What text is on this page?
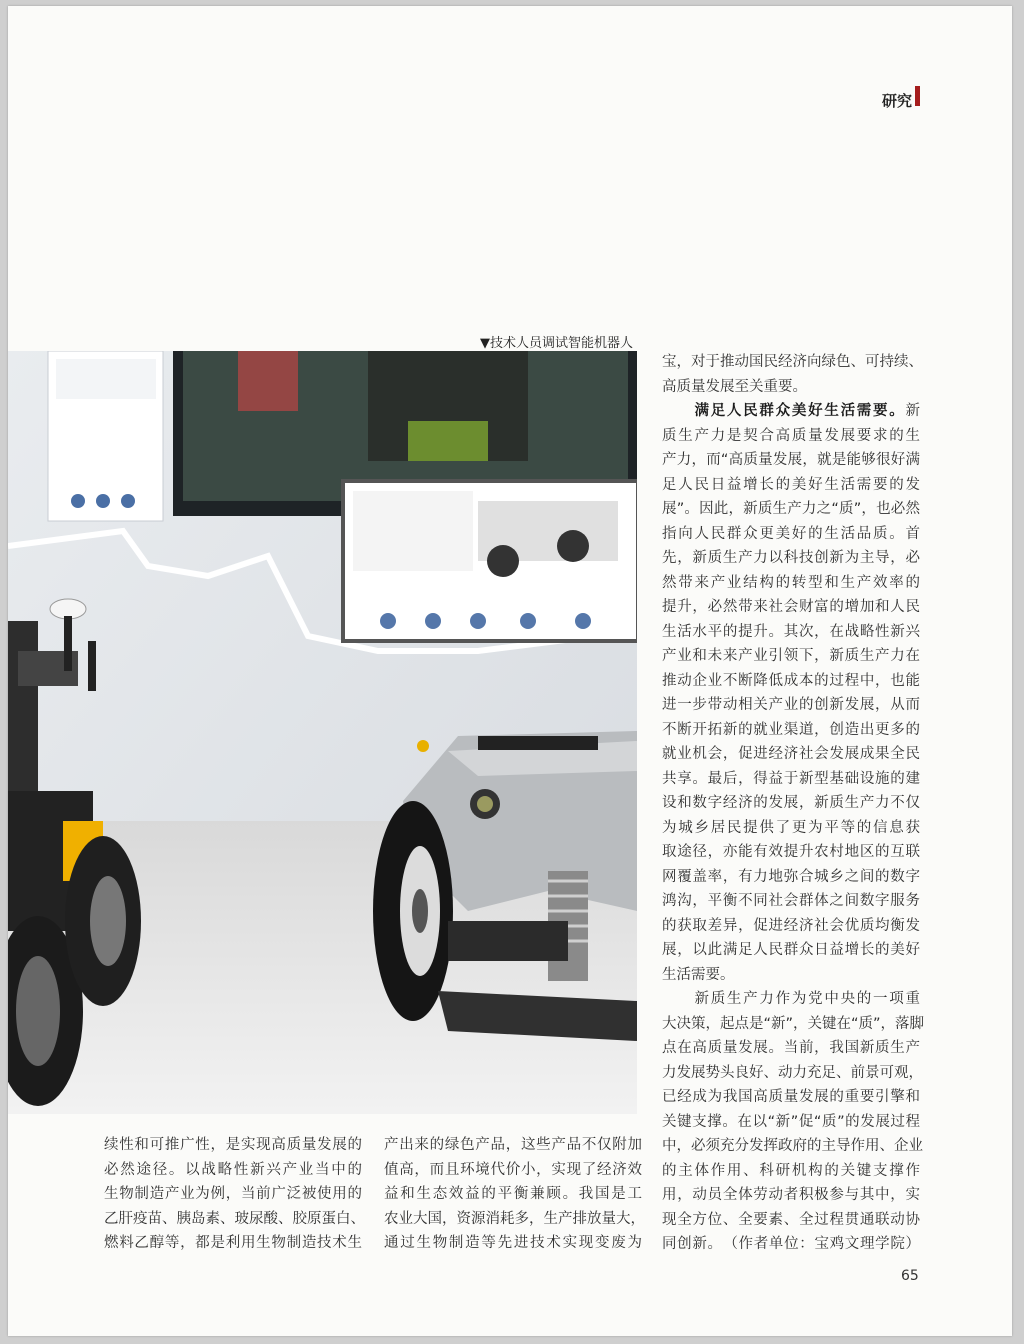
研究
▼技术人员调试智能机器人
宝，对于推动国民经济向绿色、可持续、
高质量发展至关重要。
　　满足人民群众美好生活需要。新
质生产力是契合高质量发展要求的生
产力，而“高质量发展，就是能够很好满
足人民日益增长的美好生活需要的发
展”。因此，新质生产力之“质”，也必然
指向人民群众更美好的生活品质。首
先，新质生产力以科技创新为主导，必
然带来产业结构的转型和生产效率的
提升，必然带来社会财富的增加和人民
生活水平的提升。其次，在战略性新兴
产业和未来产业引领下，新质生产力在
推动企业不断降低成本的过程中，也能
进一步带动相关产业的创新发展，从而
不断开拓新的就业渠道，创造出更多的
就业机会，促进经济社会发展成果全民
共享。最后，得益于新型基础设施的建
设和数字经济的发展，新质生产力不仅
为城乡居民提供了更为平等的信息获
取途径，亦能有效提升农村地区的互联
网覆盖率，有力地弥合城乡之间的数字
鸿沟，平衡不同社会群体之间数字服务
的获取差异，促进经济社会优质均衡发
展，以此满足人民群众日益增长的美好
生活需要。
　　新质生产力作为党中央的一项重
大决策，起点是“新”，关键在“质”，落脚
点在高质量发展。当前，我国新质生产
力发展势头良好、动力充足、前景可观，
已经成为我国高质量发展的重要引擎和
关键支撑。在以“新”促“质”的发展过程
中，必须充分发挥政府的主导作用、企业
的主体作用、科研机构的关键支撑作
用，动员全体劳动者积极参与其中，实
现全方位、全要素、全过程贯通联动协
同创新。　（作者单位：宝鸡文理学院）
续性和可推广性，是实现高质量发展的
必然途径。以战略性新兴产业当中的
生物制造产业为例，当前广泛被使用的
乙肝疫苗、胰岛素、玻尿酸、胶原蛋白、
燃料乙醇等，都是利用生物制造技术生
产出来的绿色产品，这些产品不仅附加
值高，而且环境代价小，实现了经济效
益和生态效益的平衡兼顾。我国是工
农业大国，资源消耗多，生产排放量大，
通过生物制造等先进技术实现变废为
65
